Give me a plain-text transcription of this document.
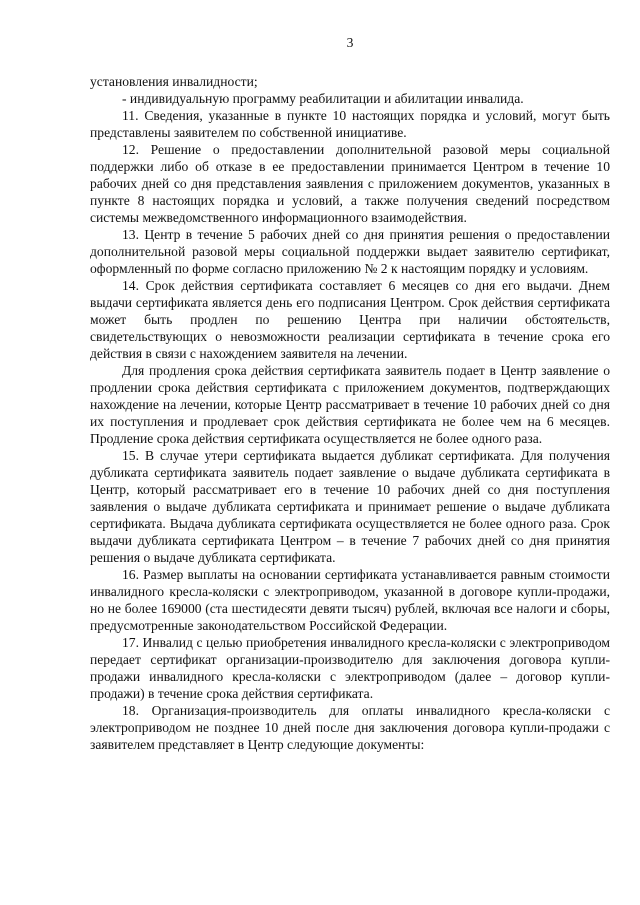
3

установления инвалидности;

- индивидуальную программу реабилитации и абилитации инвалида.

11. Сведения, указанные в пункте 10 настоящих порядка и условий, могут быть представлены заявителем по собственной инициативе.

12. Решение о предоставлении дополнительной разовой меры социальной поддержки либо об отказе в ее предоставлении принимается Центром в течение 10 рабочих дней со дня представления заявления с приложением документов, указанных в пункте 8 настоящих порядка и условий, а также получения сведений посредством системы межведомственного информационного взаимодействия.

13. Центр в течение 5 рабочих дней со дня принятия решения о предоставлении дополнительной разовой меры социальной поддержки выдает заявителю сертификат, оформленный по форме согласно приложению № 2 к настоящим порядку и условиям.

14. Срок действия сертификата составляет 6 месяцев со дня его выдачи. Днем выдачи сертификата является день его подписания Центром. Срок действия сертификата может быть продлен по решению Центра при наличии обстоятельств, свидетельствующих о невозможности реализации сертификата в течение срока его действия в связи с нахождением заявителя на лечении.

Для продления срока действия сертификата заявитель подает в Центр заявление о продлении срока действия сертификата с приложением документов, подтверждающих нахождение на лечении, которые Центр рассматривает в течение 10 рабочих дней со дня их поступления и продлевает срок действия сертификата не более чем на 6 месяцев. Продление срока действия сертификата осуществляется не более одного раза.

15. В случае утери сертификата выдается дубликат сертификата. Для получения дубликата сертификата заявитель подает заявление о выдаче дубликата сертификата в Центр, который рассматривает его в течение 10 рабочих дней со дня поступления заявления о выдаче дубликата сертификата и принимает решение о выдаче дубликата сертификата. Выдача дубликата сертификата осуществляется не более одного раза. Срок выдачи дубликата сертификата Центром – в течение 7 рабочих дней со дня принятия решения о выдаче дубликата сертификата.

16. Размер выплаты на основании сертификата устанавливается равным стоимости инвалидного кресла-коляски с электроприводом, указанной в договоре купли-продажи, но не более 169000 (ста шестидесяти девяти тысяч) рублей, включая все налоги и сборы, предусмотренные законодательством Российской Федерации.

17. Инвалид с целью приобретения инвалидного кресла-коляски с электроприводом передает сертификат организации-производителю для заключения договора купли-продажи инвалидного кресла-коляски с электроприводом (далее – договор купли-продажи) в течение срока действия сертификата.

18. Организация-производитель для оплаты инвалидного кресла-коляски с электроприводом не позднее 10 дней после дня заключения договора купли-продажи с заявителем представляет в Центр следующие документы:
